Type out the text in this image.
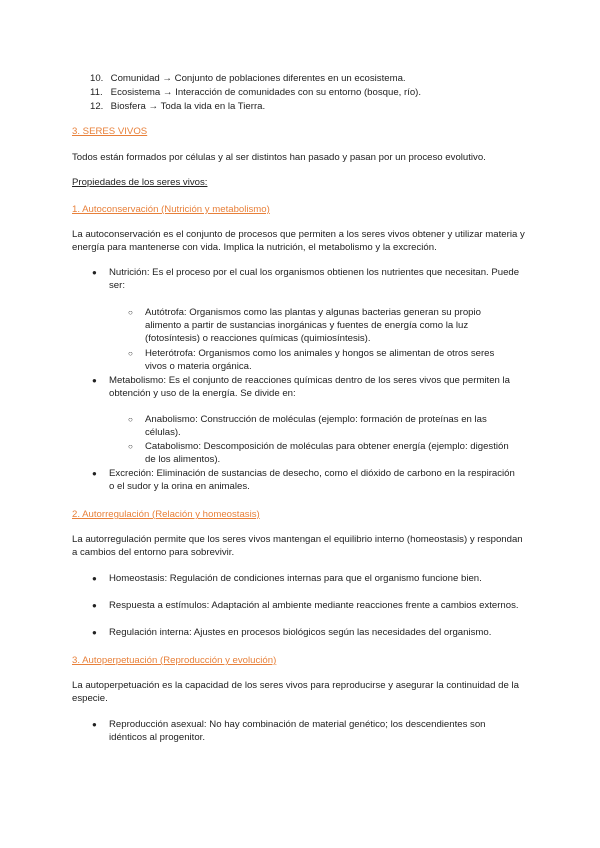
10. Comunidad → Conjunto de poblaciones diferentes en un ecosistema.
11. Ecosistema → Interacción de comunidades con su entorno (bosque, río).
12. Biosfera → Toda la vida en la Tierra.

3. SERES VIVOS

Todos están formados por células y al ser distintos han pasado y pasan por un proceso evolutivo.

Propiedades de los seres vivos:

1. Autoconservación (Nutrición y metabolismo)

La autoconservación es el conjunto de procesos que permiten a los seres vivos obtener y utilizar materia y energía para mantenerse con vida. Implica la nutrición, el metabolismo y la excreción.

● Nutrición: Es el proceso por el cual los organismos obtienen los nutrientes que necesitan. Puede ser:
○ Autótrofa: Organismos como las plantas y algunas bacterias generan su propio alimento a partir de sustancias inorgánicas y fuentes de energía como la luz (fotosíntesis) o reacciones químicas (quimiosíntesis).
○ Heterótrofa: Organismos como los animales y hongos se alimentan de otros seres vivos o materia orgánica.
● Metabolismo: Es el conjunto de reacciones químicas dentro de los seres vivos que permiten la obtención y uso de la energía. Se divide en:
○ Anabolismo: Construcción de moléculas (ejemplo: formación de proteínas en las células).
○ Catabolismo: Descomposición de moléculas para obtener energía (ejemplo: digestión de los alimentos).
● Excreción: Eliminación de sustancias de desecho, como el dióxido de carbono en la respiración o el sudor y la orina en animales.

2. Autorregulación (Relación y homeostasis)

La autorregulación permite que los seres vivos mantengan el equilibrio interno (homeostasis) y respondan a cambios del entorno para sobrevivir.

● Homeostasis: Regulación de condiciones internas para que el organismo funcione bien.
● Respuesta a estímulos: Adaptación al ambiente mediante reacciones frente a cambios externos.
● Regulación interna: Ajustes en procesos biológicos según las necesidades del organismo.

3. Autoperpetuación (Reproducción y evolución)

La autoperpetuación es la capacidad de los seres vivos para reproducirse y asegurar la continuidad de la especie.

● Reproducción asexual: No hay combinación de material genético; los descendientes son idénticos al progenitor.
